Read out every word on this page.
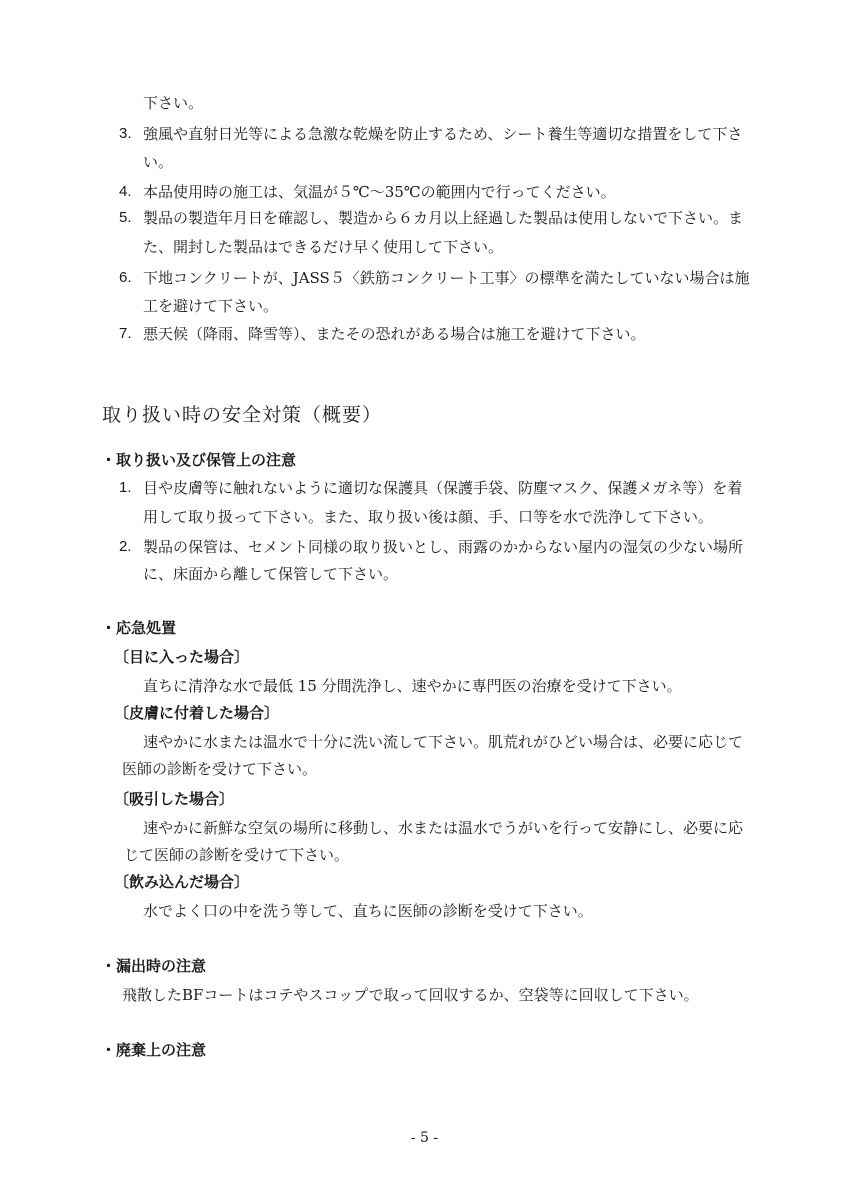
下さい。
3. 強風や直射日光等による急激な乾燥を防止するため、シート養生等適切な措置をして下さ
い。
4. 本品使用時の施工は、気温が５℃～35℃の範囲内で行ってください。
5. 製品の製造年月日を確認し、製造から６カ月以上経過した製品は使用しないで下さい。ま
た、開封した製品はできるだけ早く使用して下さい。
6. 下地コンクリートが、JASS５〈鉄筋コンクリート工事〉の標準を満たしていない場合は施
工を避けて下さい。
7. 悪天候（降雨、降雪等）、またその恐れがある場合は施工を避けて下さい。
取り扱い時の安全対策（概要）
・取り扱い及び保管上の注意
1. 目や皮膚等に触れないように適切な保護具（保護手袋、防塵マスク、保護メガネ等）を着
用して取り扱って下さい。また、取り扱い後は顔、手、口等を水で洗浄して下さい。
2. 製品の保管は、セメント同様の取り扱いとし、雨露のかからない屋内の湿気の少ない場所
に、床面から離して保管して下さい。
・応急処置
〔目に入った場合〕
直ちに清浄な水で最低 15 分間洗浄し、速やかに専門医の治療を受けて下さい。
〔皮膚に付着した場合〕
速やかに水または温水で十分に洗い流して下さい。肌荒れがひどい場合は、必要に応じて
医師の診断を受けて下さい。
〔吸引した場合〕
速やかに新鮮な空気の場所に移動し、水または温水でうがいを行って安静にし、必要に応
じて医師の診断を受けて下さい。
〔飲み込んだ場合〕
水でよく口の中を洗う等して、直ちに医師の診断を受けて下さい。
・漏出時の注意
飛散したBFコートはコテやスコップで取って回収するか、空袋等に回収して下さい。
・廃棄上の注意
- 5 -
